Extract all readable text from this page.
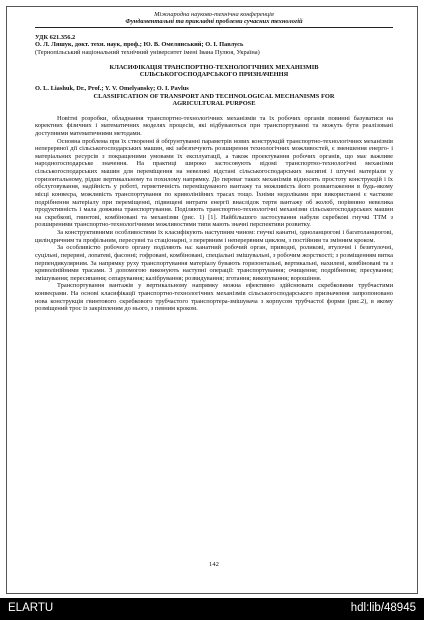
Міжнародна науково-технічна конференція
Фундаментальні та прикладні проблеми сучасних технологій
УДК 621.356.2
О. Л. Ляшук, докт. техн. наук, проф.; Ю. В. Омелянський; О. І. Павлусь
(Тернопільський національний технічний університет імені Івана Пулюя, Україна)
КЛАСИФІКАЦІЯ ТРАНСПОРТНО-ТЕХНОЛОГІЧНИХ МЕХАНІЗМІВ
СІЛЬСЬКОГОСПОДАРСЬКОГО ПРИЗНАЧЕННЯ
O. L. Liashuk, Dr., Prof.; Y. V. Omelyansky; O. I. Pavlus
CLASSIFICATION OF TRANSPORT AND TECHNOLOGICAL MECHANISMS FOR
AGRICULTURAL PURPOSE

Новітні розробки, обладнання транспортно-технологічних механізмів та їх робочих органів повинні базуватися на коректних фізичних і математичних моделях процесів, які відбуваються при транспортуванні та можуть бути реалізовані доступними математичними методами.

Основна проблема при їх створенні й обґрунтуванні параметрів нових конструкцій транспортно-технологічних механізмів неперервної дії сільськогосподарських машин, які забезпечують розширення технологічних можливостей, є зменшення енерго- і матеріальних ресурсів з покращеними умовами їх експлуатації, а також проектування робочих органів, що має важливе народногосподарське значення. На практиці широко застосовують відомі транспортно-технологічні механізми сільськогосподарських машин для переміщення на невеликі відстані сільськогосподарських насипні і штучні матеріали у горизонтальному, рідше вертикальному та похилому напрямку. До переваг таких механізмів відносять простоту конструкцій і їх обслуговування, надійність у роботі, герметичність переміщуваного вантажу та можливість його розвантаження в будь-якому місці конвеєра, можливість транспортування по криволінійних трасах тощо. Їхніми недоліками при використанні є часткове подрібнення матеріалу при переміщенні, підвищені витрати енергії внаслідок тертя вантажу об жолоб, порівняно невелика продуктивність і мала довжина транспортування. Поділяють транспортно-технологічні механізми сільськогосподарських машин на скребкові, гвинтові, комбіновані та механізми (рис. 1) [1]. Найбільшого застосування набули скребкові гнучкі ТТМ з розширеними транспортно-технологічними можливостями типи мають значні перспективи розвитку.

За конструктивними особливостями їх класифікують наступним чином: гнучкі канатні, одноланцюгові і багатоланцюгові, циліндричним та профільним, пересувні та стаціонарні, з перервним і неперервним циклом, з постійним та змінним кроком.

За особливістю робочого органу поділяють на: канатний робочий орган, приводні, роликові, втулочні і безвтулочні, суцільні, перервні, лопатеві, фасонні; гофровані, комбіновані, спеціальні змішувальні, з робочим жорсткості; з розміщенням витка перпендикулярним. За напрямку руху транспортування матеріалу бувають горизонтальні, вертикальні, нахилені, комбіновані та з криволінійними трасами. З допомогою виконують наступні операції: транспортування; очищення; подрібнення; пресування; змішування; пересипання; сепарування; калібрування; розвидування; зготання; викопування; ворошіння.

Транспортування вантажів у вертикальному напрямку можна ефективно здійснювати скребковими трубчастими конвеєрами. На основі класифікації транспортно-технологічних механізмів сільськогосподарського призначення запропоновано нова конструкція гвинтового скребкового трубчастого транспортера-змішувача з корпусом трубчастої форми (рис.2), в якому розміщений трос із закріпленим до нього, з певним кроком.

142
ELARTU	hdl:lib/48945
